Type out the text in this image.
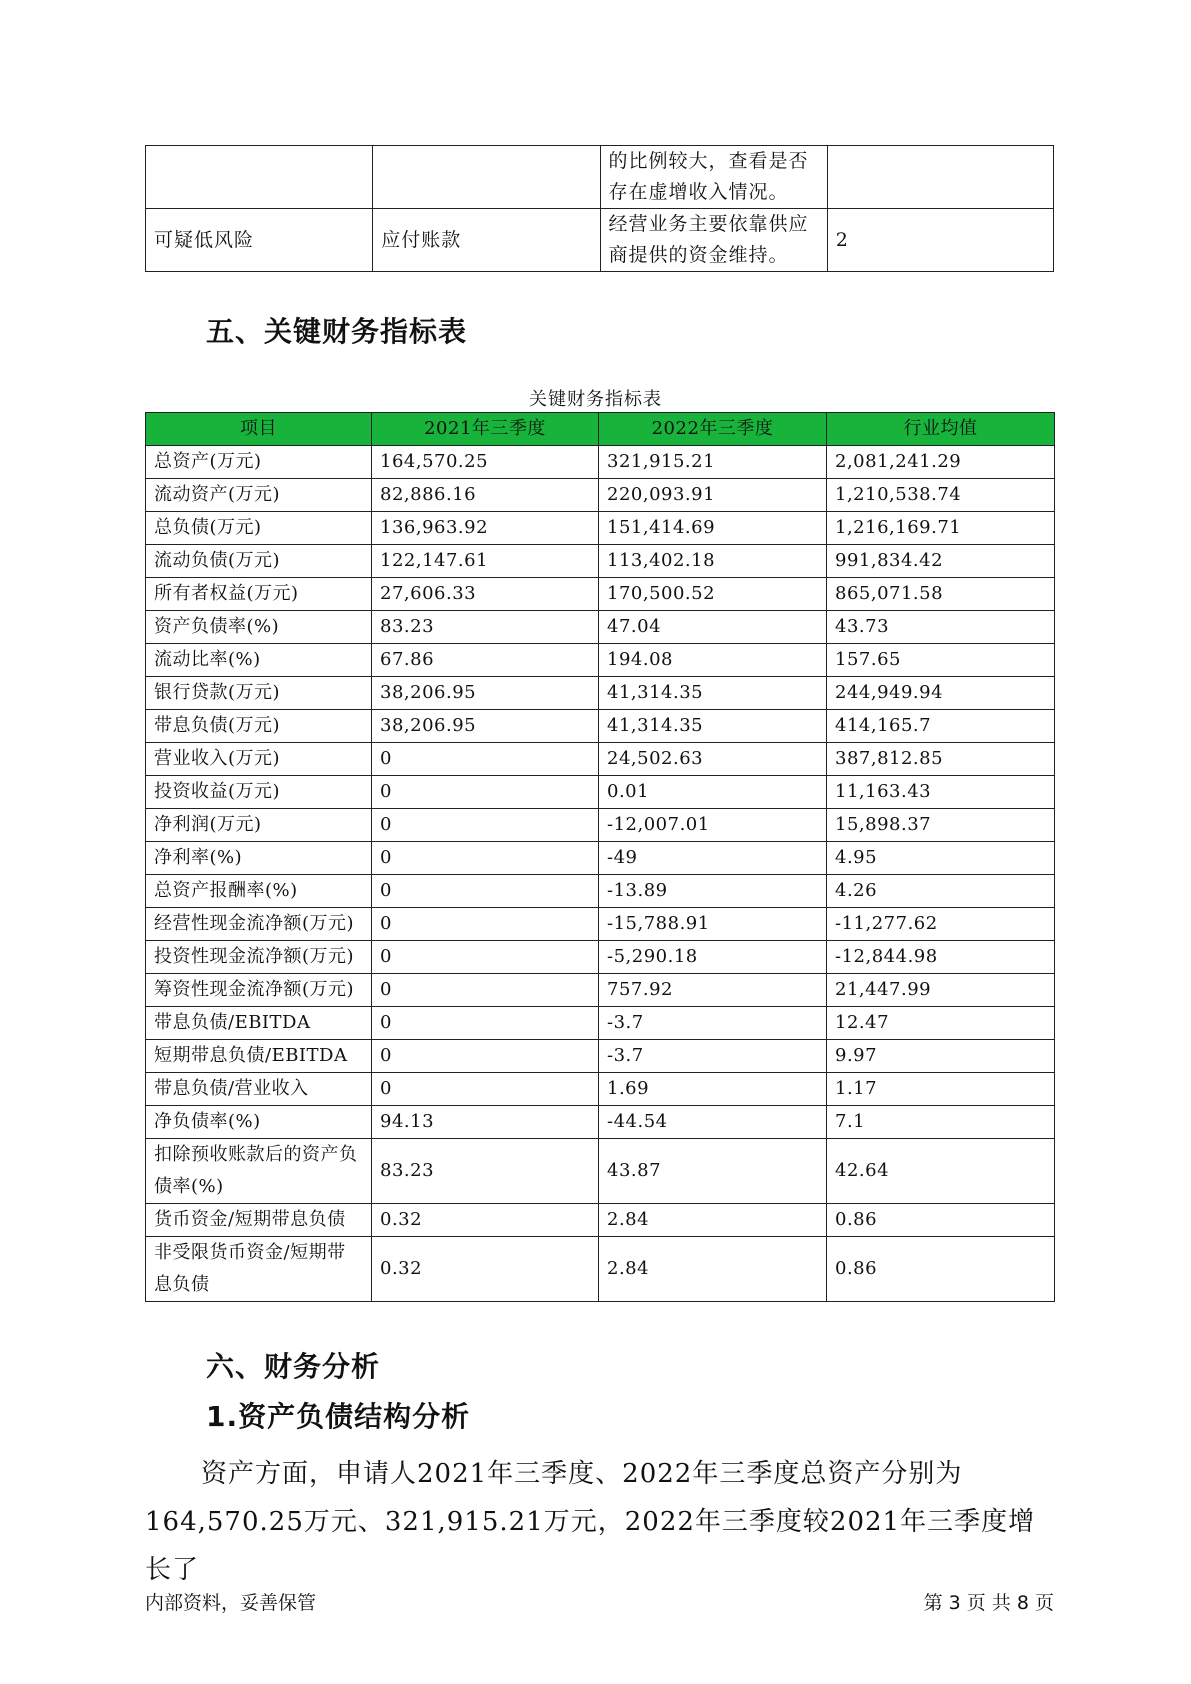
		的比例较大，查看是否存在虚增收入情况。	
可疑低风险	应付账款	经营业务主要依靠供应商提供的资金维持。	2
五、关键财务指标表
关键财务指标表
项目	2021年三季度	2022年三季度	行业均值
总资产(万元)	164,570.25	321,915.21	2,081,241.29
流动资产(万元)	82,886.16	220,093.91	1,210,538.74
总负债(万元)	136,963.92	151,414.69	1,216,169.71
流动负债(万元)	122,147.61	113,402.18	991,834.42
所有者权益(万元)	27,606.33	170,500.52	865,071.58
资产负债率(%)	83.23	47.04	43.73
流动比率(%)	67.86	194.08	157.65
银行贷款(万元)	38,206.95	41,314.35	244,949.94
带息负债(万元)	38,206.95	41,314.35	414,165.7
营业收入(万元)	0	24,502.63	387,812.85
投资收益(万元)	0	0.01	11,163.43
净利润(万元)	0	-12,007.01	15,898.37
净利率(%)	0	-49	4.95
总资产报酬率(%)	0	-13.89	4.26
经营性现金流净额(万元)	0	-15,788.91	-11,277.62
投资性现金流净额(万元)	0	-5,290.18	-12,844.98
筹资性现金流净额(万元)	0	757.92	21,447.99
带息负债/EBITDA	0	-3.7	12.47
短期带息负债/EBITDA	0	-3.7	9.97
带息负债/营业收入	0	1.69	1.17
净负债率(%)	94.13	-44.54	7.1
扣除预收账款后的资产负债率(%)	83.23	43.87	42.64
货币资金/短期带息负债	0.32	2.84	0.86
非受限货币资金/短期带息负债	0.32	2.84	0.86
六、财务分析
1.资产负债结构分析
资产方面，申请人2021年三季度、2022年三季度总资产分别为164,570.25万元、321,915.21万元，2022年三季度较2021年三季度增长了
内部资料，妥善保管	第 3 页 共 8 页
